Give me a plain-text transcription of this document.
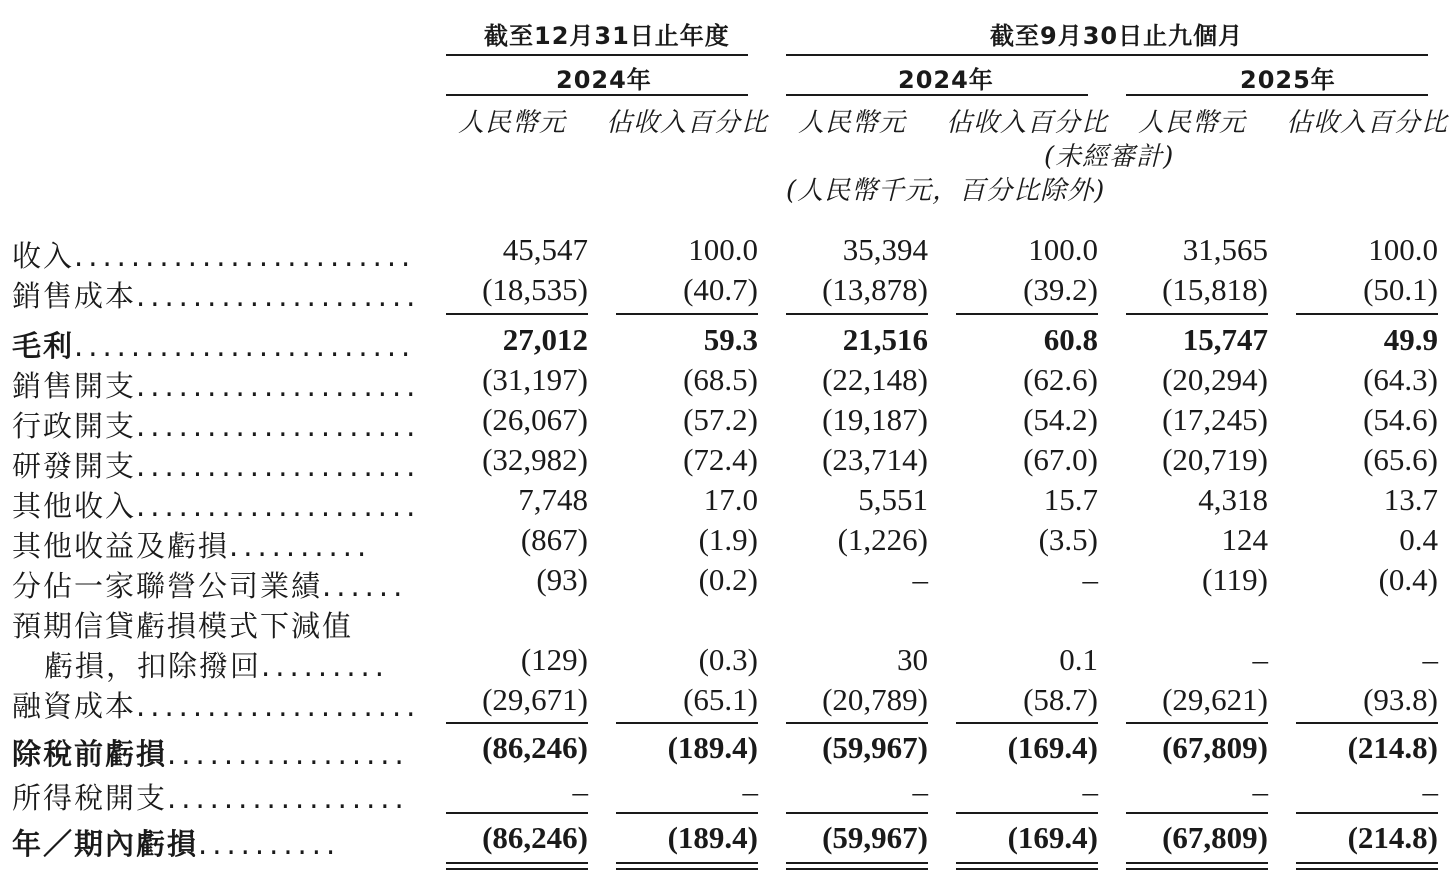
截至12月31日止年度	截至9月30日止九個月
2024年	2024年	2025年
人民幣元 佔收入百分比 人民幣元 佔收入百分比 人民幣元 佔收入百分比
(未經審計)
(人民幣千元，百分比除外)
收入........................	45,547	100.0	35,394	100.0	31,565	100.0
銷售成本....................	(18,535)	(40.7)	(13,878)	(39.2)	(15,818)	(50.1)
毛利........................	27,012	59.3	21,516	60.8	15,747	49.9
銷售開支....................	(31,197)	(68.5)	(22,148)	(62.6)	(20,294)	(64.3)
行政開支....................	(26,067)	(57.2)	(19,187)	(54.2)	(17,245)	(54.6)
研發開支....................	(32,982)	(72.4)	(23,714)	(67.0)	(20,719)	(65.6)
其他收入....................	7,748	17.0	5,551	15.7	4,318	13.7
其他收益及虧損..........	(867)	(1.9)	(1,226)	(3.5)	124	0.4
分佔一家聯營公司業績......	(93)	(0.2)	–	–	(119)	(0.4)
預期信貸虧損模式下減值
虧損，扣除撥回.........	(129)	(0.3)	30	0.1	–	–
融資成本....................	(29,671)	(65.1)	(20,789)	(58.7)	(29,621)	(93.8)
除稅前虧損.................	(86,246)	(189.4)	(59,967)	(169.4)	(67,809)	(214.8)
所得稅開支.................	–	–	–	–	–	–
年／期內虧損..........	(86,246)	(189.4)	(59,967)	(169.4)	(67,809)	(214.8)
